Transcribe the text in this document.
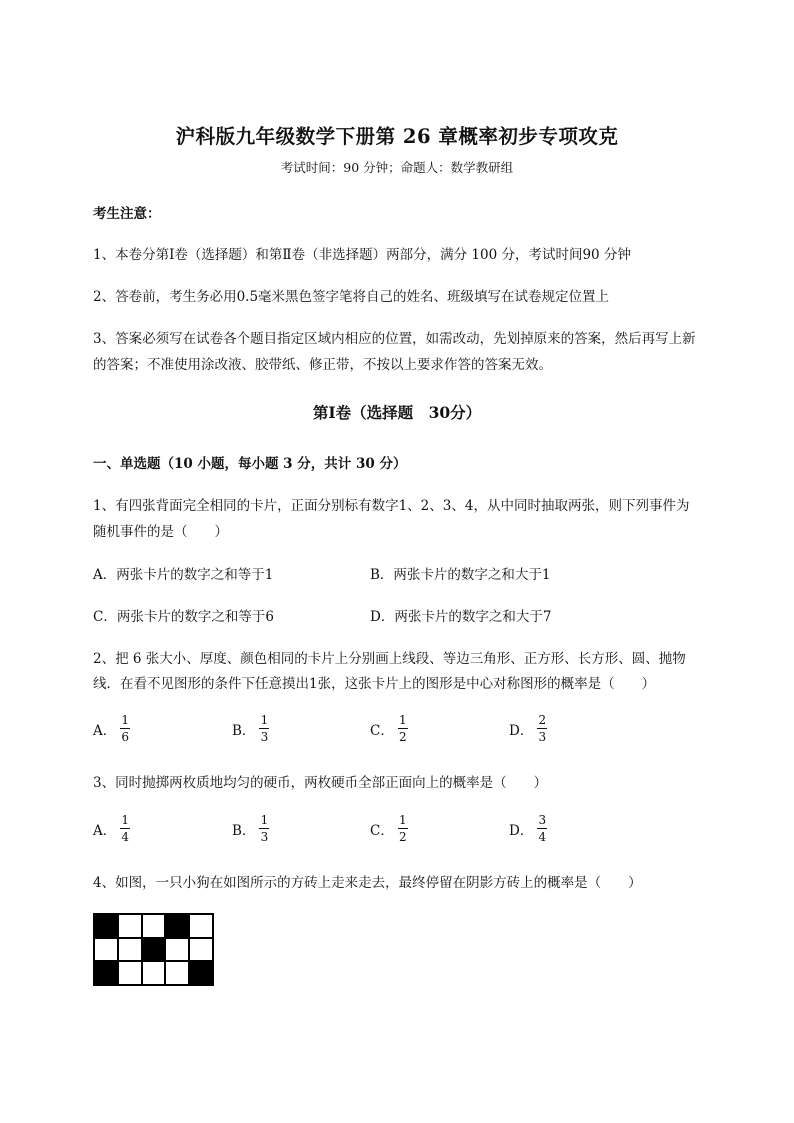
沪科版九年级数学下册第 26 章概率初步专项攻克
考试时间：90 分钟；命题人：数学教研组
考生注意：
1、本卷分第Ⅰ卷（选择题）和第Ⅱ卷（非选择题）两部分，满分 100 分，考试时间90 分钟
2、答卷前，考生务必用0.5毫米黑色签字笔将自己的姓名、班级填写在试卷规定位置上
3、答案必须写在试卷各个题目指定区域内相应的位置，如需改动，先划掉原来的答案，然后再写上新
的答案；不准使用涂改液、胶带纸、修正带，不按以上要求作答的答案无效。
第Ⅰ卷（选择题　30分）
一、单选题（10 小题，每小题 3 分，共计 30 分）
1、有四张背面完全相同的卡片，正面分别标有数字1、2、3、4，从中同时抽取两张，则下列事件为
随机事件的是（　　）
A．两张卡片的数字之和等于1	B．两张卡片的数字之和大于1
C．两张卡片的数字之和等于6	D．两张卡片的数字之和大于7
2、把 6 张大小、厚度、颜色相同的卡片上分别画上线段、等边三角形、正方形、长方形、圆、抛物
线．在看不见图形的条件下任意摸出1张，这张卡片上的图形是中心对称图形的概率是（　　）
A． $\frac{1}{6}$	B． $\frac{1}{3}$	C． $\frac{1}{2}$	D． $\frac{2}{3}$
3、同时抛掷两枚质地均匀的硬币，两枚硬币全部正面向上的概率是（　　）
A． $\frac{1}{4}$	B． $\frac{1}{3}$	C． $\frac{1}{2}$	D． $\frac{3}{4}$
4、如图，一只小狗在如图所示的方砖上走来走去，最终停留在阴影方砖上的概率是（　　）
